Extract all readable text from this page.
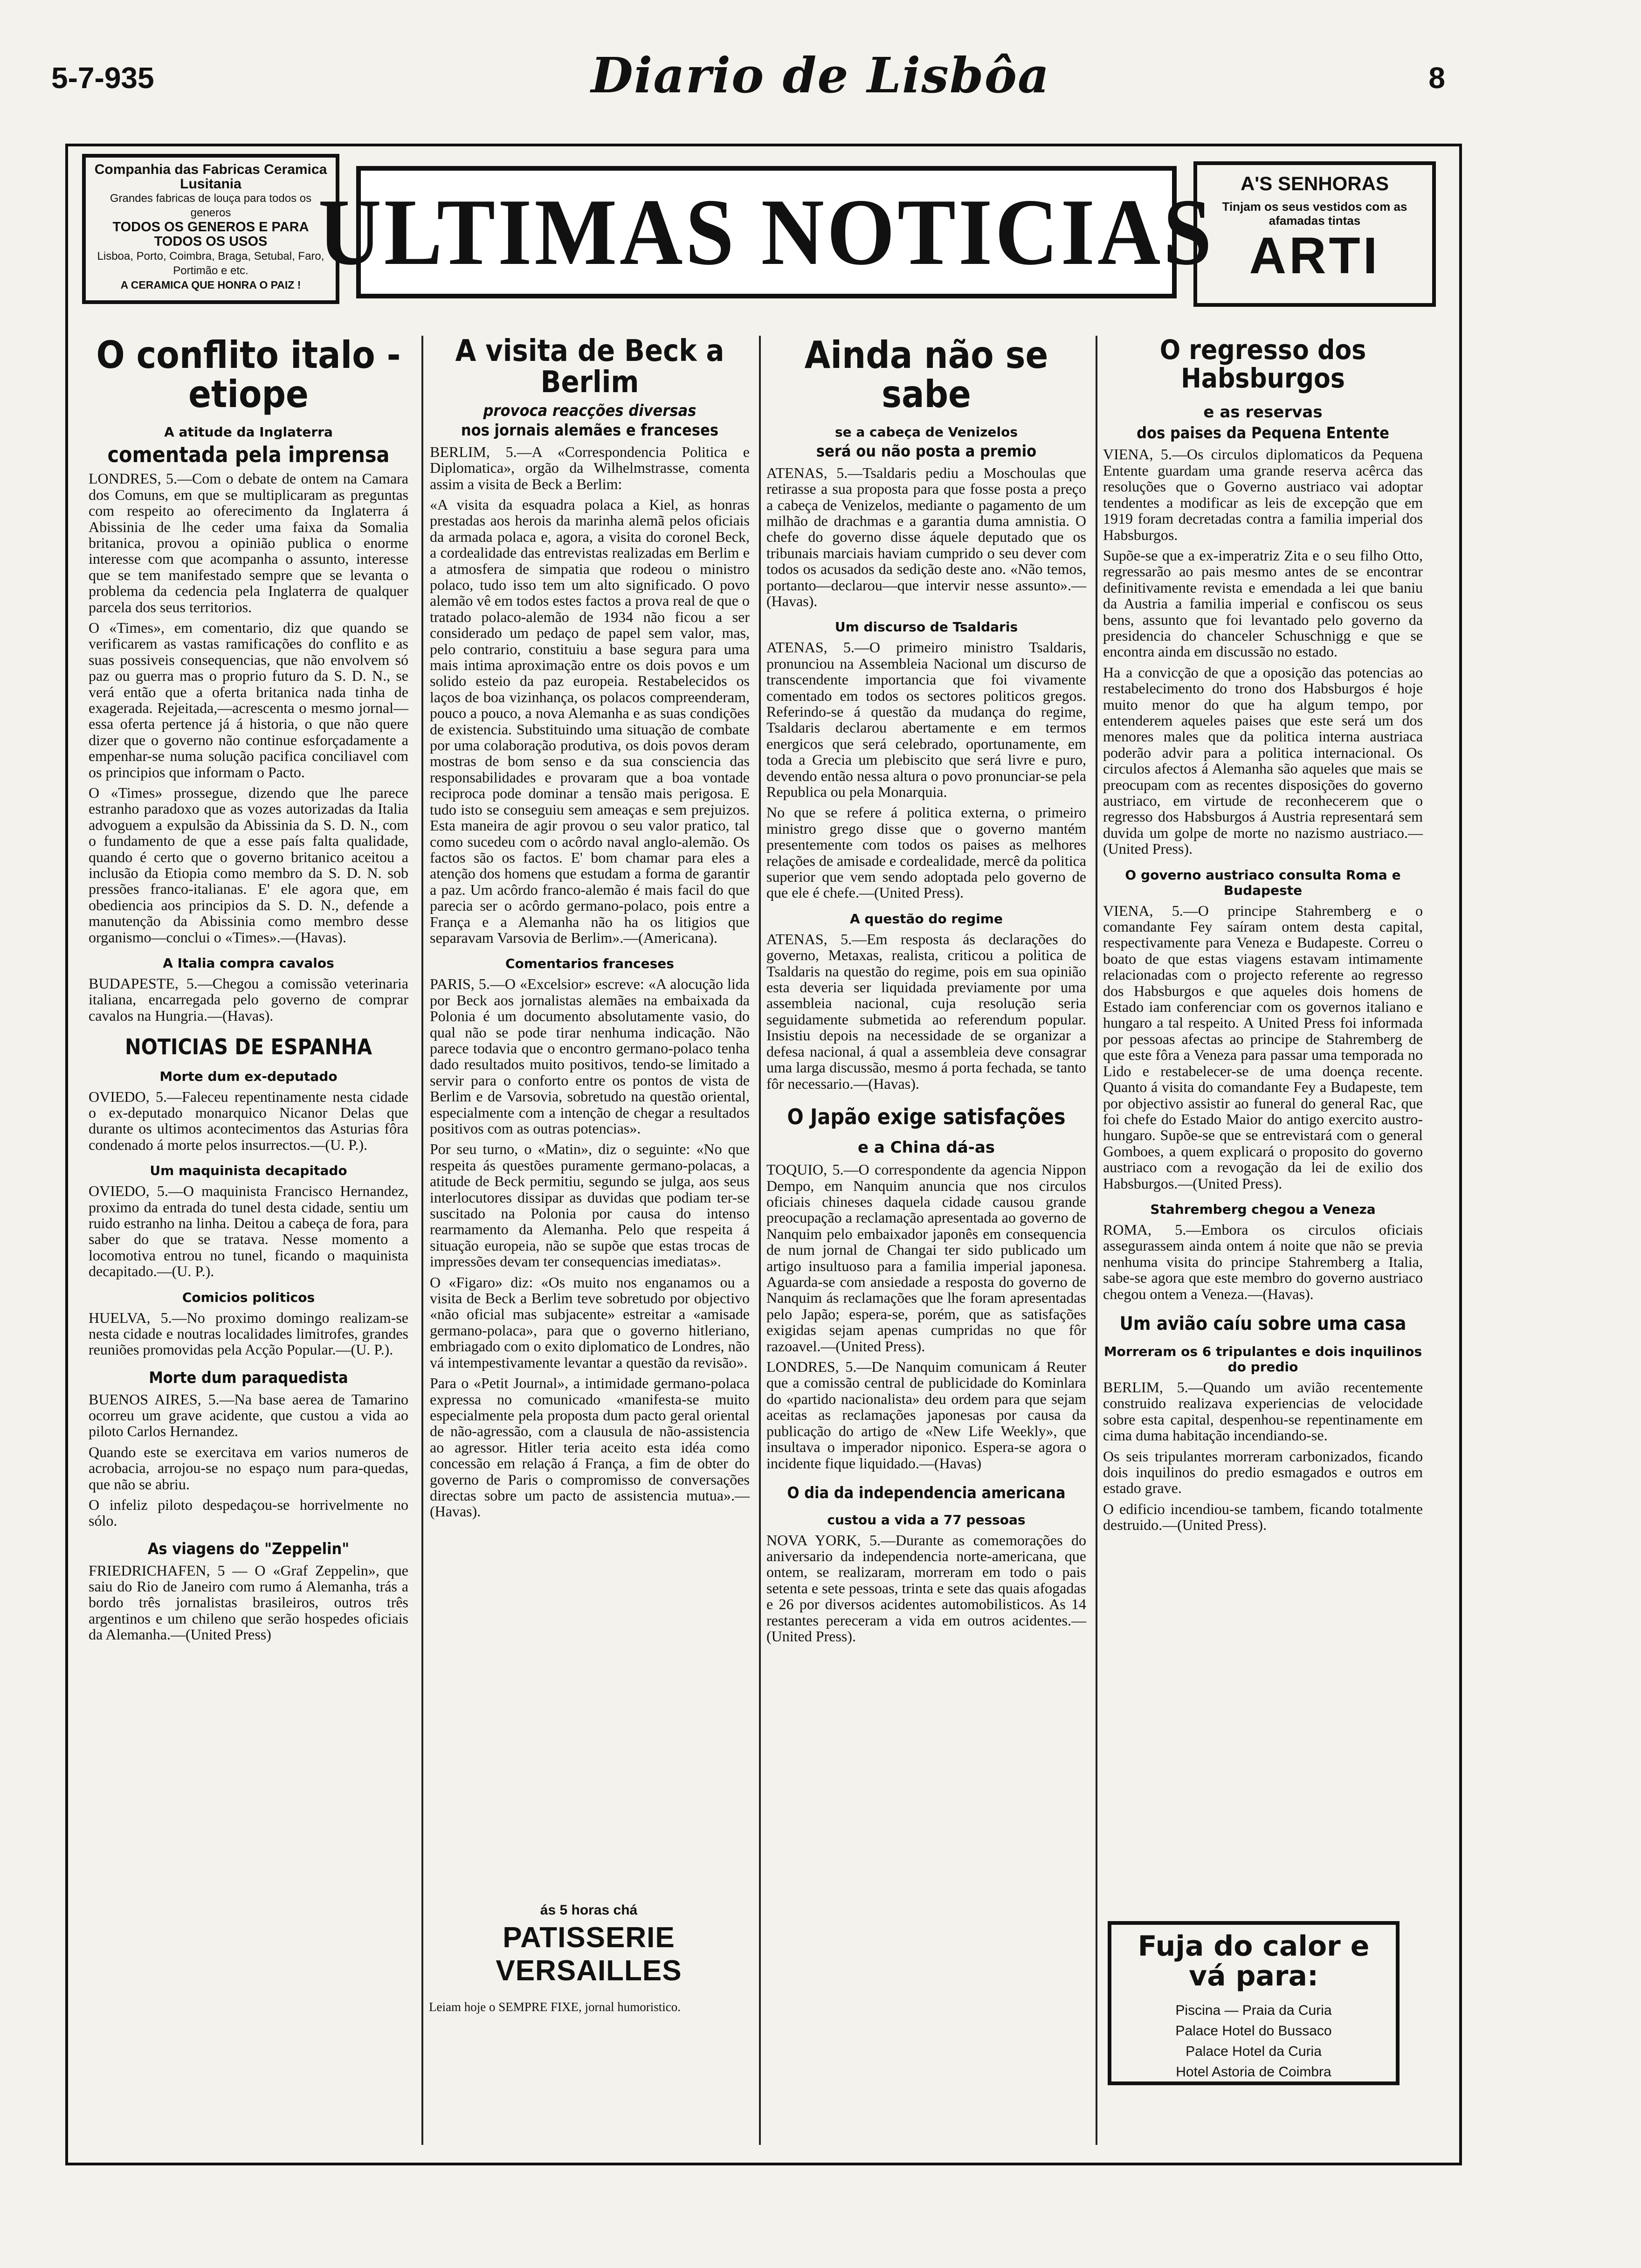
5-7-935	Diario de Lisbôa	8
Companhia das Fabricas Ceramica Lusitania
Grandes fabricas de louça para todos os generos
TODOS OS GENEROS E PARA TODOS OS USOS
Lisboa, Porto, Coimbra, Braga, Setubal, Faro, Portimão e etc.
A CERAMICA QUE HONRA O PAIZ !
ULTIMAS NOTICIAS	A'S SENHORAS
Tinjam os seus vestidos com as afamadas tintas
ARTI
O conflito italo - etiope
A atitude da Inglaterra
comentada pela imprensa

LONDRES, 5.—Com o debate de ontem na Camara dos Comuns, em que se multiplicaram as preguntas com respeito ao oferecimento da Inglaterra á Abissinia de lhe ceder uma faixa da Somalia britanica, provou a opinião publica o enorme interesse com que acompanha o assunto, interesse que se tem manifestado sempre que se levanta o problema da cedencia pela Inglaterra de qualquer parcela dos seus territorios.

O «Times», em comentario, diz que quando se verificarem as vastas ramificações do conflito e as suas possiveis consequencias, que não envolvem só paz ou guerra mas o proprio futuro da S. D. N., se verá então que a oferta britanica nada tinha de exagerada. Rejeitada,—acrescenta o mesmo jornal—essa oferta pertence já á historia, o que não quere dizer que o governo não continue esforçadamente a empenhar-se numa solução pacifica conciliavel com os principios que informam o Pacto.

O «Times» prossegue, dizendo que lhe parece estranho paradoxo que as vozes autorizadas da Italia advoguem a expulsão da Abissinia da S. D. N., com o fundamento de que a esse país falta qualidade, quando é certo que o governo britanico aceitou a inclusão da Etiopia como membro da S. D. N. sob pressões franco-italianas. E' ele agora que, em obediencia aos principios da S. D. N., defende a manutenção da Abissinia como membro desse organismo—conclui o «Times».—(Havas).

A Italia compra cavalos

BUDAPESTE, 5.—Chegou a comissão veterinaria italiana, encarregada pelo governo de comprar cavalos na Hungria.—(Havas).

NOTICIAS DE ESPANHA
Morte dum ex-deputado

OVIEDO, 5.—Faleceu repentinamente nesta cidade o ex-deputado monarquico Nicanor Delas que durante os ultimos acontecimentos das Asturias fôra condenado á morte pelos insurrectos.—(U. P.).

Um maquinista decapitado

OVIEDO, 5.—O maquinista Francisco Hernandez, proximo da entrada do tunel desta cidade, sentiu um ruido estranho na linha. Deitou a cabeça de fora, para saber do que se tratava. Nesse momento a locomotiva entrou no tunel, ficando o maquinista decapitado.—(U. P.).

Comicios politicos

HUELVA, 5.—No proximo domingo realizam-se nesta cidade e noutras localidades limitrofes, grandes reuniões promovidas pela Acção Popular.—(U. P.).

Morte dum paraquedista

BUENOS AIRES, 5.—Na base aerea de Tamarino ocorreu um grave acidente, que custou a vida ao piloto Carlos Hernandez.

Quando este se exercitava em varios numeros de acrobacia, arrojou-se no espaço num para-quedas, que não se abriu.

O infeliz piloto despedaçou-se horrivelmente no sólo.

As viagens do "Zeppelin"

FRIEDRICHAFEN, 5 — O «Graf Zeppelin», que saiu do Rio de Janeiro com rumo á Alemanha, trás a bordo três jornalistas brasileiros, outros três argentinos e um chileno que serão hospedes oficiais da Alemanha.—(United Press)

A visita de Beck a Berlim
provoca reacções diversas
nos jornais alemães e franceses

BERLIM, 5.—A «Correspondencia Politica e Diplomatica», orgão da Wilhelmstrasse, comenta assim a visita de Beck a Berlim:

«A visita da esquadra polaca a Kiel, as honras prestadas aos herois da marinha alemã pelos oficiais da armada polaca e, agora, a visita do coronel Beck, a cordealidade das entrevistas realizadas em Berlim e a atmosfera de simpatia que rodeou o ministro polaco, tudo isso tem um alto significado. O povo alemão vê em todos estes factos a prova real de que o tratado polaco-alemão de 1934 não ficou a ser considerado um pedaço de papel sem valor, mas, pelo contrario, constituiu a base segura para uma mais intima aproximação entre os dois povos e um solido esteio da paz europeia. Restabelecidos os laços de boa vizinhança, os polacos compreenderam, pouco a pouco, a nova Alemanha e as suas condições de existencia. Substituindo uma situação de combate por uma colaboração produtiva, os dois povos deram mostras de bom senso e da sua consciencia das responsabilidades e provaram que a boa vontade reciproca pode dominar a tensão mais perigosa. E tudo isto se conseguiu sem ameaças e sem prejuizos. Esta maneira de agir provou o seu valor pratico, tal como sucedeu com o acôrdo naval anglo-alemão. Os factos são os factos. E' bom chamar para eles a atenção dos homens que estudam a forma de garantir a paz. Um acôrdo franco-alemão é mais facil do que parecia ser o acôrdo germano-polaco, pois entre a França e a Alemanha não ha os litigios que separavam Varsovia de Berlim».—(Americana).

Comentarios franceses

PARIS, 5.—O «Excelsior» escreve: «A alocução lida por Beck aos jornalistas alemães na embaixada da Polonia é um documento absolutamente vasio, do qual não se pode tirar nenhuma indicação. Não parece todavia que o encontro germano-polaco tenha dado resultados muito positivos, tendo-se limitado a servir para o conforto entre os pontos de vista de Berlim e de Varsovia, sobretudo na questão oriental, especialmente com a intenção de chegar a resultados positivos com as outras potencias».

Por seu turno, o «Matin», diz o seguinte: «No que respeita ás questões puramente germano-polacas, a atitude de Beck permitiu, segundo se julga, aos seus interlocutores dissipar as duvidas que podiam ter-se suscitado na Polonia por causa do intenso rearmamento da Alemanha. Pelo que respeita á situação europeia, não se supõe que estas trocas de impressões devam ter consequencias imediatas».

O «Figaro» diz: «Os muito nos enganamos ou a visita de Beck a Berlim teve sobretudo por objectivo «não oficial mas subjacente» estreitar a «amisade germano-polaca», para que o governo hitleriano, embriagado com o exito diplomatico de Londres, não vá intempestivamente levantar a questão da revisão».

Para o «Petit Journal», a intimidade germano-polaca expressa no comunicado «manifesta-se muito especialmente pela proposta dum pacto geral oriental de não-agressão, com a clausula de não-assistencia ao agressor. Hitler teria aceito esta idéa como concessão em relação á França, a fim de obter do governo de Paris o compromisso de conversações directas sobre um pacto de assistencia mutua».—(Havas).

ás 5 horas chá
PATISSERIE VERSAILLES
Leiam hoje o SEMPRE FIXE, jornal humoristico.
Ainda não se sabe
se a cabeça de Venizelos
será ou não posta a premio

ATENAS, 5.—Tsaldaris pediu a Moschoulas que retirasse a sua proposta para que fosse posta a preço a cabeça de Venizelos, mediante o pagamento de um milhão de drachmas e a garantia duma amnistia. O chefe do governo disse áquele deputado que os tribunais marciais haviam cumprido o seu dever com todos os acusados da sedição deste ano. «Não temos, portanto—declarou—que intervir nesse assunto».—(Havas).

Um discurso de Tsaldaris

ATENAS, 5.—O primeiro ministro Tsaldaris, pronunciou na Assembleia Nacional um discurso de transcendente importancia que foi vivamente comentado em todos os sectores politicos gregos. Referindo-se á questão da mudança do regime, Tsaldaris declarou abertamente e em termos energicos que será celebrado, oportunamente, em toda a Grecia um plebiscito que será livre e puro, devendo então nessa altura o povo pronunciar-se pela Republica ou pela Monarquia.

No que se refere á politica externa, o primeiro ministro grego disse que o governo mantém presentemente com todos os paises as melhores relações de amisade e cordealidade, mercê da politica superior que vem sendo adoptada pelo governo de que ele é chefe.—(United Press).

A questão do regime

ATENAS, 5.—Em resposta ás declarações do governo, Metaxas, realista, criticou a politica de Tsaldaris na questão do regime, pois em sua opinião esta deveria ser liquidada previamente por uma assembleia nacional, cuja resolução seria seguidamente submetida ao referendum popular. Insistiu depois na necessidade de se organizar a defesa nacional, á qual a assembleia deve consagrar uma larga discussão, mesmo á porta fechada, se tanto fôr necessario.—(Havas).

O Japão exige satisfações
e a China dá-as

TOQUIO, 5.—O correspondente da agencia Nippon Dempo, em Nanquim anuncia que nos circulos oficiais chineses daquela cidade causou grande preocupação a reclamação apresentada ao governo de Nanquim pelo embaixador japonês em consequencia de num jornal de Changai ter sido publicado um artigo insultuoso para a familia imperial japonesa. Aguarda-se com ansiedade a resposta do governo de Nanquim ás reclamações que lhe foram apresentadas pelo Japão; espera-se, porém, que as satisfações exigidas sejam apenas cumpridas no que fôr razoavel.—(United Press).

LONDRES, 5.—De Nanquim comunicam á Reuter que a comissão central de publicidade do Kominlara do «partido nacionalista» deu ordem para que sejam aceitas as reclamações japonesas por causa da publicação do artigo de «New Life Weekly», que insultava o imperador niponico. Espera-se agora o incidente fique liquidado.—(Havas)

O dia da independencia americana
custou a vida a 77 pessoas

NOVA YORK, 5.—Durante as comemorações do aniversario da independencia norte-americana, que ontem, se realizaram, morreram em todo o pais setenta e sete pessoas, trinta e sete das quais afogadas e 26 por diversos acidentes automobilisticos. As 14 restantes pereceram a vida em outros acidentes.—(United Press).

O regresso dos Habsburgos
e as reservas
dos paises da Pequena Entente

VIENA, 5.—Os circulos diplomaticos da Pequena Entente guardam uma grande reserva acêrca das resoluções que o Governo austriaco vai adoptar tendentes a modificar as leis de excepção que em 1919 foram decretadas contra a familia imperial dos Habsburgos.

Supõe-se que a ex-imperatriz Zita e o seu filho Otto, regressarão ao pais mesmo antes de se encontrar definitivamente revista e emendada a lei que baniu da Austria a familia imperial e confiscou os seus bens, assunto que foi levantado pelo governo da presidencia do chanceler Schuschnigg e que se encontra ainda em discussão no estado.

Ha a convicção de que a oposição das potencias ao restabelecimento do trono dos Habsburgos é hoje muito menor do que ha algum tempo, por entenderem aqueles paises que este será um dos menores males que da politica interna austriaca poderão advir para a politica internacional. Os circulos afectos á Alemanha são aqueles que mais se preocupam com as recentes disposições do governo austriaco, em virtude de reconhecerem que o regresso dos Habsburgos á Austria representará sem duvida um golpe de morte no nazismo austriaco.—(United Press).

O governo austriaco consulta Roma e Budapeste

VIENA, 5.—O principe Stahremberg e o comandante Fey saíram ontem desta capital, respectivamente para Veneza e Budapeste. Correu o boato de que estas viagens estavam intimamente relacionadas com o projecto referente ao regresso dos Habsburgos e que aqueles dois homens de Estado iam conferenciar com os governos italiano e hungaro a tal respeito. A United Press foi informada por pessoas afectas ao principe de Stahremberg de que este fôra a Veneza para passar uma temporada no Lido e restabelecer-se de uma doença recente. Quanto á visita do comandante Fey a Budapeste, tem por objectivo assistir ao funeral do general Rac, que foi chefe do Estado Maior do antigo exercito austro-hungaro. Supõe-se que se entrevistará com o general Gomboes, a quem explicará o proposito do governo austriaco com a revogação da lei de exilio dos Habsburgos.—(United Press).

Stahremberg chegou a Veneza

ROMA, 5.—Embora os circulos oficiais assegurassem ainda ontem á noite que não se previa nenhuma visita do principe Stahremberg a Italia, sabe-se agora que este membro do governo austriaco chegou ontem a Veneza.—(Havas).

Um avião caíu sobre uma casa
Morreram os 6 tripulantes e dois inquilinos do predio

BERLIM, 5.—Quando um avião recentemente construido realizava experiencias de velocidade sobre esta capital, despenhou-se repentinamente em cima duma habitação incendiando-se.

Os seis tripulantes morreram carbonizados, ficando dois inquilinos do predio esmagados e outros em estado grave.

O edificio incendiou-se tambem, ficando totalmente destruido.—(United Press).

Fuja do calor e vá para:
Piscina — Praia da Curia
Palace Hotel do Bussaco
Palace Hotel da Curia
Hotel Astoria de Coimbra
